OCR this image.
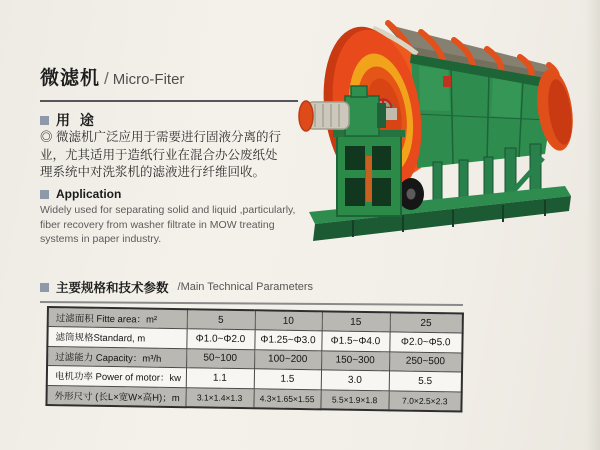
微滤机 / Micro-Fiter
用 途
◎ 微滤机广泛应用于需要进行固液分离的行
业，尤其适用于造纸行业在混合办公废纸处
理系统中对洗浆机的滤液进行纤维回收。
Application
Widely used for separating solid and liquid ,particularly,
fiber recovery from washer filtrate in MOW treating
systems in paper industry.
主要规格和技术参数 /Main Technical Parameters
过滤面积 Fitte area：m²	5	10	15	25
滤筒规格Standard, m	Φ1.0~Φ2.0	Φ1.25~Φ3.0	Φ1.5~Φ4.0	Φ2.0~Φ5.0
过滤能力 Capacity：m³/h	50~100	100~200	150~300	250~500
电机功率 Power of motor：kw	1.1	1.5	3.0	5.5
外形尺寸 (长L×宽W×高H)；m	3.1×1.4×1.3	4.3×1.65×1.55	5.5×1.9×1.8	7.0×2.5×2.3
